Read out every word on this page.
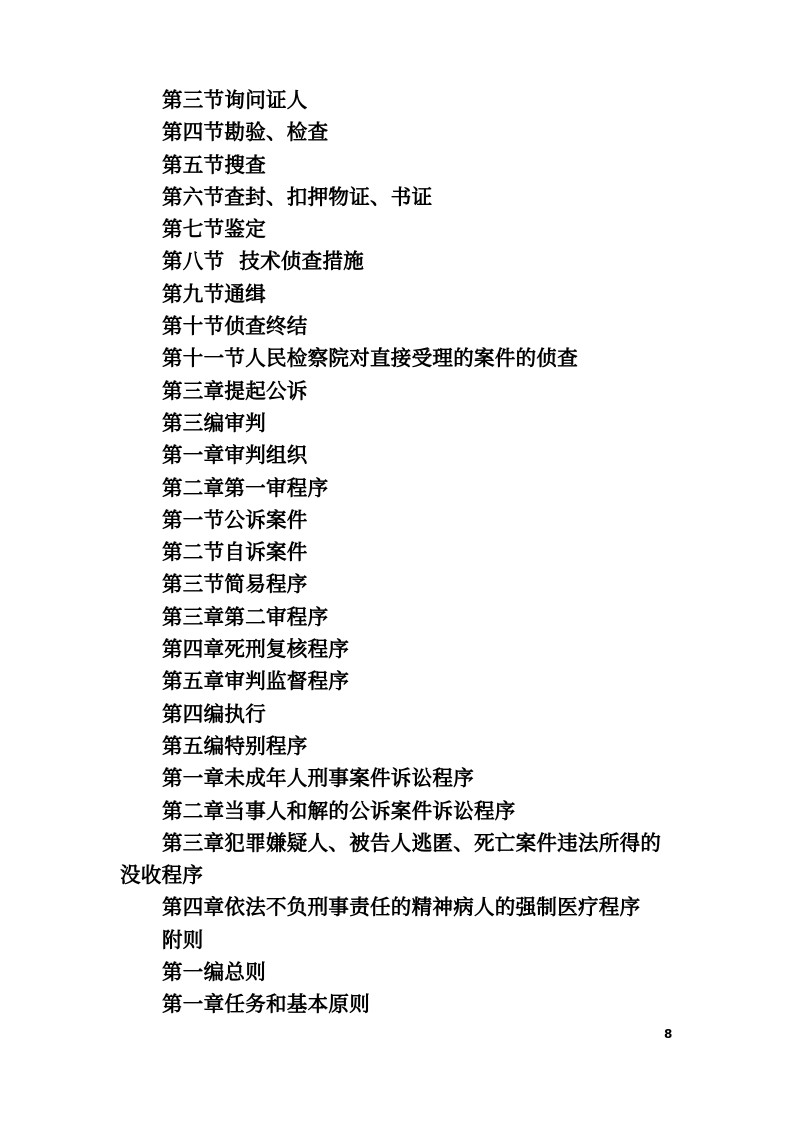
第三节询问证人
第四节勘验、检查
第五节搜查
第六节查封、扣押物证、书证
第七节鉴定
第八节  技术侦查措施
第九节通缉
第十节侦查终结
第十一节人民检察院对直接受理的案件的侦查
第三章提起公诉
第三编审判
第一章审判组织
第二章第一审程序
第一节公诉案件
第二节自诉案件
第三节简易程序
第三章第二审程序
第四章死刑复核程序
第五章审判监督程序
第四编执行
第五编特别程序
第一章未成年人刑事案件诉讼程序
第二章当事人和解的公诉案件诉讼程序
第三章犯罪嫌疑人、被告人逃匿、死亡案件违法所得的
没收程序
第四章依法不负刑事责任的精神病人的强制医疗程序
附则
第一编总则
第一章任务和基本原则
8
